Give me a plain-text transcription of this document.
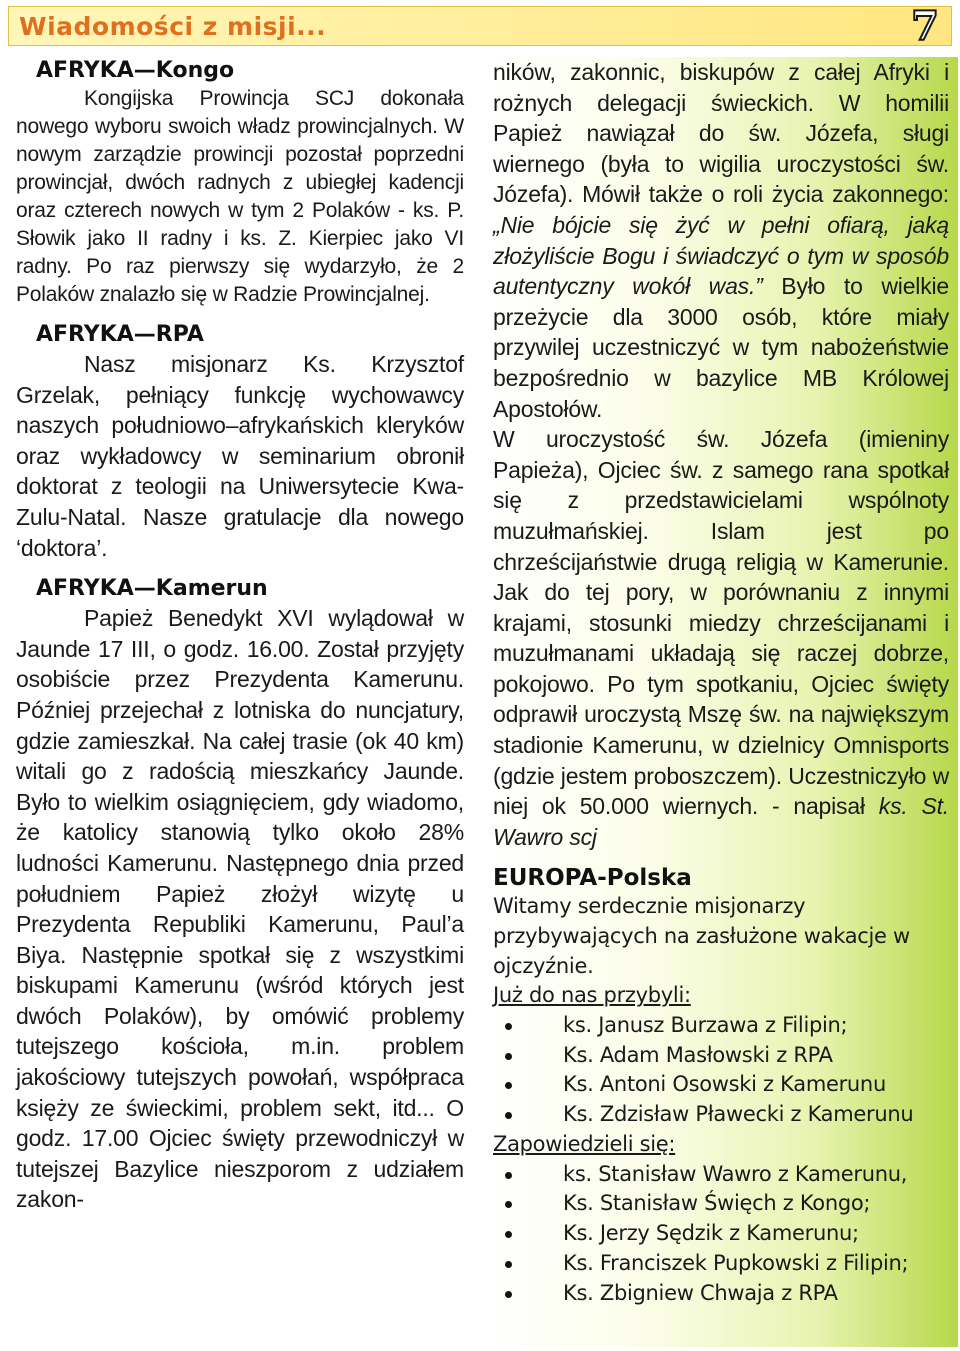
Wiadomości z misji...	7
AFRYKA—Kongo

Kongijska Prowincja SCJ dokonała nowego wyboru swoich władz prowincjalnych. W nowym zarządzie prowincji pozostał poprzedni prowincjał, dwóch radnych z ubiegłej kadencji oraz czterech nowych w tym 2 Polaków - ks. P. Słowik jako II radny i ks. Z. Kierpiec jako VI radny. Po raz pierwszy się wydarzyło, że 2 Polaków znalazło się w Radzie Prowincjalnej.

AFRYKA—RPA

Nasz misjonarz Ks. Krzysztof Grzelak, pełniący funkcję wychowawcy naszych południowo–afrykańskich kleryków oraz wykładowcy w seminarium obronił doktorat z teologii na Uniwersytecie Kwa-Zulu-Natal. Nasze gratulacje dla nowego ‘doktora’.

AFRYKA—Kamerun

Papież Benedykt XVI wylądował w Jaunde 17 III, o godz. 16.00. Został przyjęty osobiście przez Prezydenta Kamerunu. Później przejechał z lotniska do nuncjatury, gdzie zamieszkał. Na całej trasie (ok 40 km) witali go z radością mieszkańcy Jaunde. Było to wielkim osiągnięciem, gdy wiadomo, że katolicy stanowią tylko około 28% ludności Kamerunu. Następnego dnia przed południem Papież złożył wizytę u Prezydenta Republiki Kamerunu, Paul’a Biya. Następnie spotkał się z wszystkimi biskupami Kamerunu (wśród których jest dwóch Polaków), by omówić problemy tutejszego kościoła, m.in. problem jakościowy tutejszych powołań, współpraca księży ze świeckimi, problem sekt, itd... O godz. 17.00 Ojciec święty przewodniczył w tutejszej Bazylice nieszporom z udziałem zakon-

ników, zakonnic, biskupów z całej Afryki i rożnych delegacji świeckich. W homilii Papież nawiązał do św. Józefa, sługi wiernego (była to wigilia uroczystości św. Józefa). Mówił także o roli życia zakonnego: „Nie bójcie się żyć w pełni ofiarą, jaką złożyliście Bogu i świadczyć o tym w sposób autentyczny wokół was.” Było to wielkie przeżycie dla 3000 osób, które miały przywilej uczestniczyć w tym nabożeństwie bezpośrednio w bazylice MB Królowej Apostołów.

W uroczystość św. Józefa (imieniny Papieża), Ojciec św. z samego rana spotkał się z przedstawicielami wspólnoty muzułmańskiej. Islam jest po chrześcijaństwie drugą religią w Kamerunie. Jak do tej pory, w porównaniu z innymi krajami, stosunki miedzy chrześcijanami i muzułmanami układają się raczej dobrze, pokojowo. Po tym spotkaniu, Ojciec święty odprawił uroczystą Mszę św. na największym stadionie Kamerunu, w dzielnicy Omnisports (gdzie jestem proboszczem). Uczestniczyło w niej ok 50.000 wiernych. - napisał ks. St. Wawro scj

EUROPA-Polska

Witamy serdecznie misjonarzy przybywających na zasłużone wakacje w ojczyźnie.

Już do nas przybyli:

ks. Janusz Burzawa z Filipin;
Ks. Adam Masłowski z RPA
Ks. Antoni Osowski z Kamerunu
Ks. Zdzisław Pławecki z Kamerunu

Zapowiedzieli się:

ks. Stanisław Wawro z Kamerunu,
Ks. Stanisław Święch z Kongo;
Ks. Jerzy Sędzik z Kamerunu;
Ks. Franciszek Pupkowski z Filipin;
Ks. Zbigniew Chwaja z RPA
